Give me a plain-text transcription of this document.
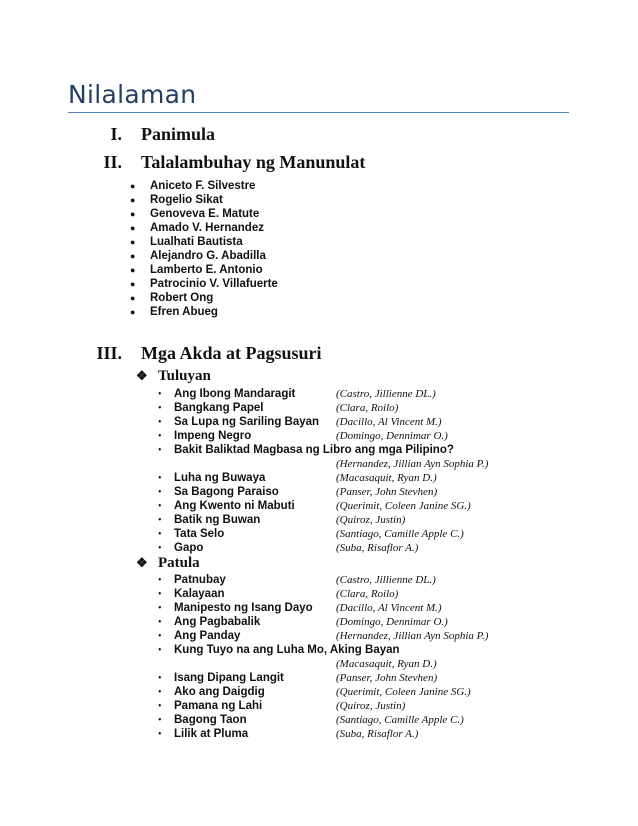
Nilalaman
I. Panimula
II. Talalambuhay ng Manunulat
● Aniceto F. Silvestre
● Rogelio Sikat
● Genoveva E. Matute
● Amado V. Hernandez
● Lualhati Bautista
● Alejandro G. Abadilla
● Lamberto E. Antonio
● Patrocinio V. Villafuerte
● Robert Ong
● Efren Abueg
III. Mga Akda at Pagsusuri
❖ Tuluyan
• Ang Ibong Mandaragit	(Castro, Jillienne DL.)
• Bangkang Papel	(Clara, Roilo)
• Sa Lupa ng Sariling Bayan (Dacillo, Al Vincent M.)
• Impeng Negro	(Domingo, Dennimar O.)
• Bakit Baliktad Magbasa ng Libro ang mga Pilipino?
(Hernandez, Jillian Ayn Sophia P.)
• Luha ng Buwaya	(Macasaquit, Ryan D.)
• Sa Bagong Paraiso	(Panser, John Stevhen)
• Ang Kwento ni Mabuti	(Querimit, Coleen Janine SG.)
• Batik ng Buwan	(Quiroz, Justin)
• Tata Selo	(Santiago, Camille Apple C.)
• Gapo	(Suba, Risaflor A.)
❖ Patula
• Patnubay	(Castro, Jillienne DL.)
• Kalayaan	(Clara, Roilo)
• Manipesto ng Isang Dayo (Dacillo, Al Vincent M.)
• Ang Pagbabalik	(Domingo, Dennimar O.)
• Ang Panday	(Hernandez, Jillian Ayn Sophia P.)
• Kung Tuyo na ang Luha Mo, Aking Bayan
(Macasaquit, Ryan D.)
• Isang Dipang Langit	(Panser, John Stevhen)
• Ako ang Daigdig	(Querimit, Coleen Janine SG.)
• Pamana ng Lahi	(Quiroz, Justin)
• Bagong Taon	(Santiago, Camille Apple C.)
• Lilik at Pluma	(Suba, Risaflor A.)
